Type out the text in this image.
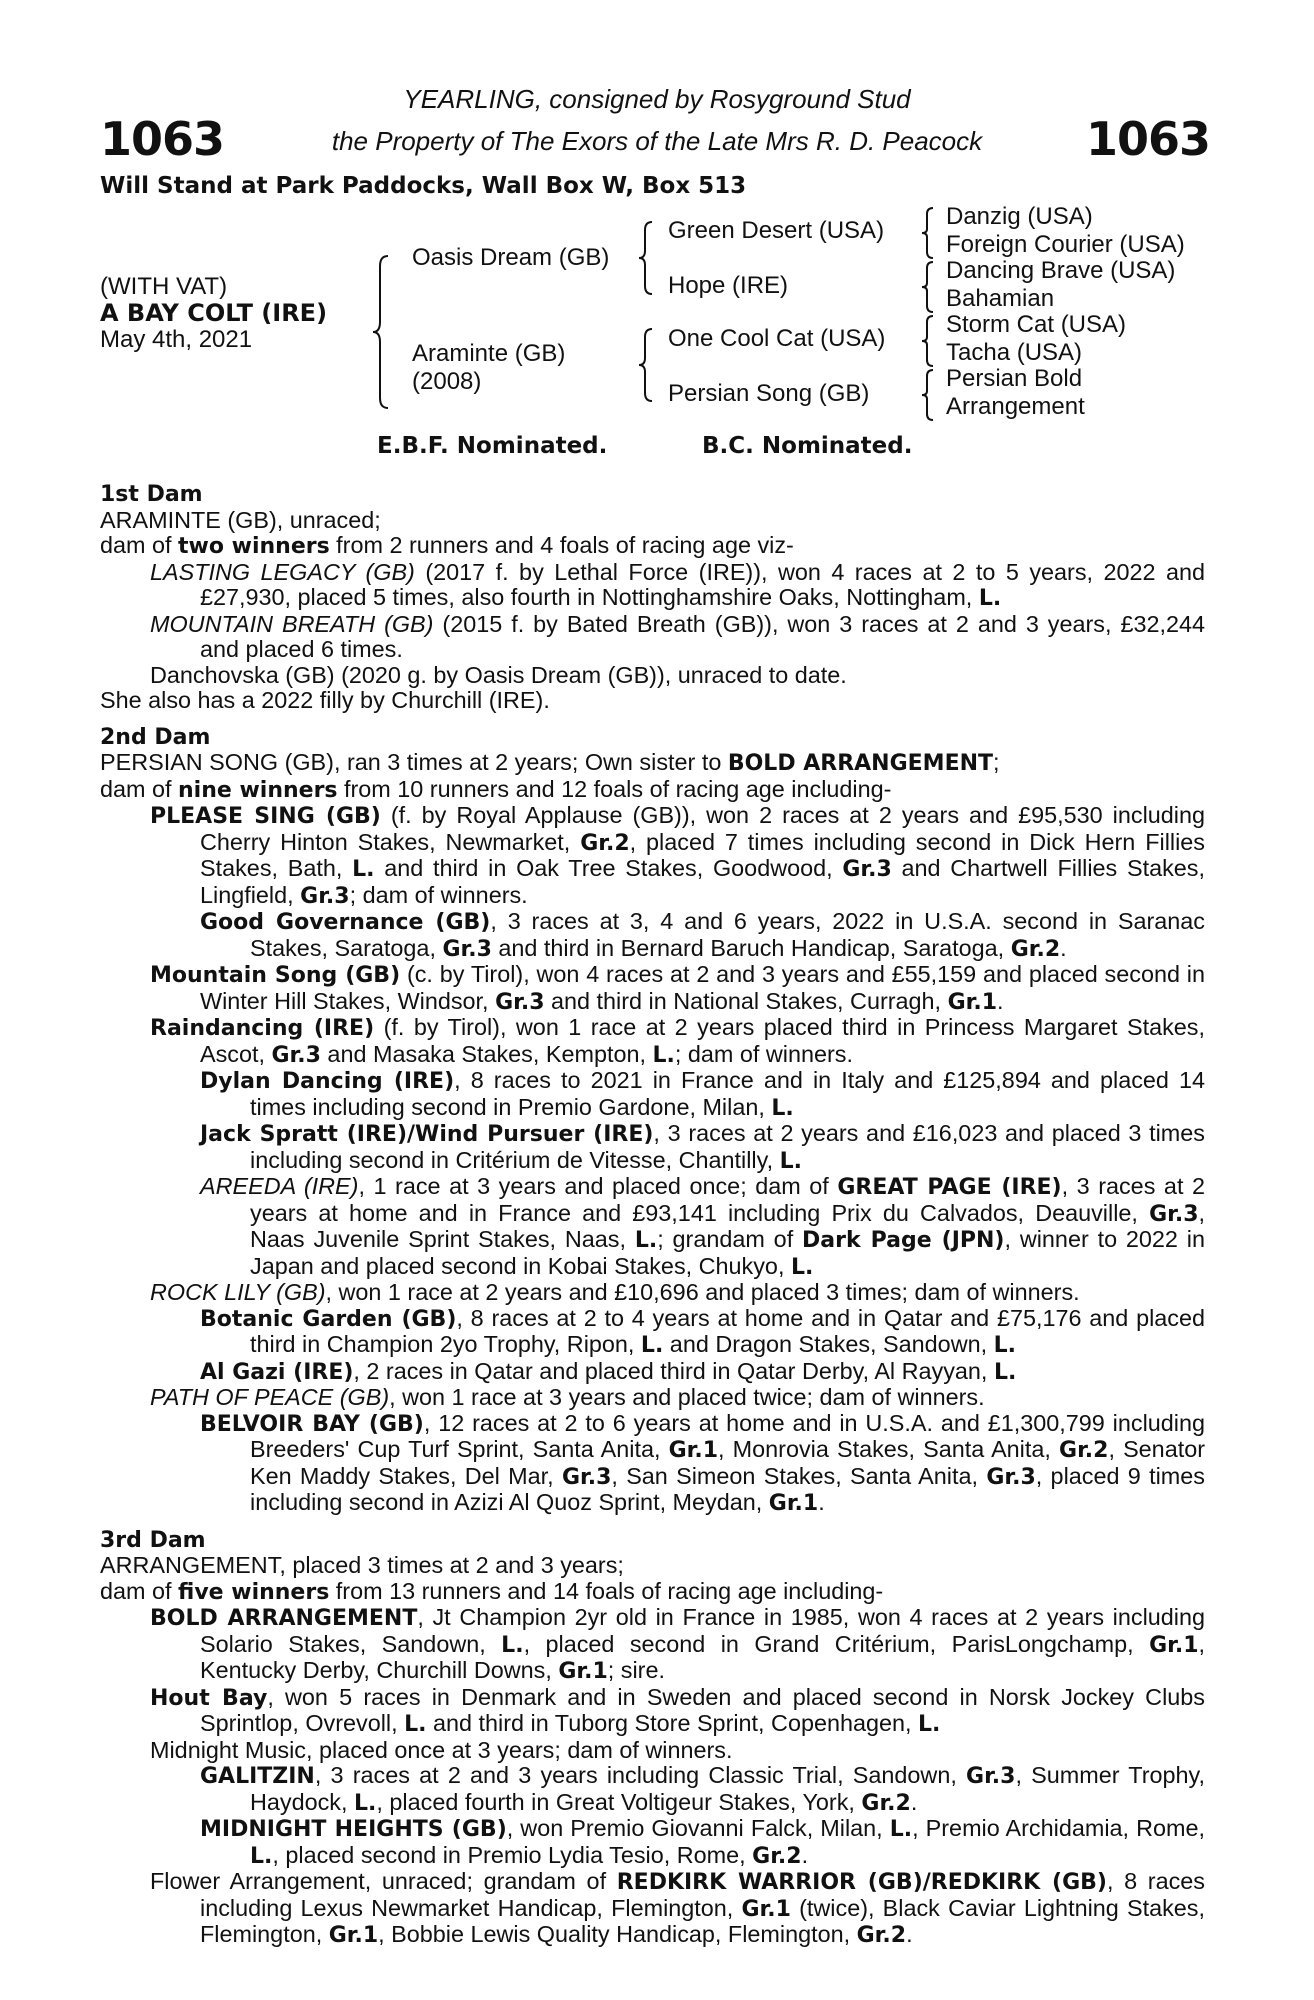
1063	1063
YEARLING, consigned by Rosyground Stud
the Property of The Exors of the Late Mrs R. D. Peacock
Will Stand at Park Paddocks, Wall Box W, Box 513
(WITH VAT)
A BAY COLT (IRE)
May 4th, 2021
Oasis Dream (GB)
Araminte (GB)
(2008)
Green Desert (USA)
Hope (IRE)
One Cool Cat (USA)
Persian Song (GB)
Danzig (USA)
Foreign Courier (USA)
Dancing Brave (USA)
Bahamian
Storm Cat (USA)
Tacha (USA)
Persian Bold
Arrangement
E.B.F. Nominated.	B.C. Nominated.
1st Dam
ARAMINTE (GB), unraced;
dam of two winners from 2 runners and 4 foals of racing age viz-
LASTING LEGACY (GB) (2017 f. by Lethal Force (IRE)), won 4 races at 2 to 5 years, 2022 and £27,930, placed 5 times, also fourth in Nottinghamshire Oaks, Nottingham, L.
MOUNTAIN BREATH (GB) (2015 f. by Bated Breath (GB)), won 3 races at 2 and 3 years, £32,244 and placed 6 times.
Danchovska (GB) (2020 g. by Oasis Dream (GB)), unraced to date.
She also has a 2022 filly by Churchill (IRE).
2nd Dam
PERSIAN SONG (GB), ran 3 times at 2 years; Own sister to BOLD ARRANGEMENT;
dam of nine winners from 10 runners and 12 foals of racing age including-
PLEASE SING (GB) (f. by Royal Applause (GB)), won 2 races at 2 years and £95,530 including Cherry Hinton Stakes, Newmarket, Gr.2, placed 7 times including second in Dick Hern Fillies Stakes, Bath, L. and third in Oak Tree Stakes, Goodwood, Gr.3 and Chartwell Fillies Stakes, Lingfield, Gr.3; dam of winners.
Good Governance (GB), 3 races at 3, 4 and 6 years, 2022 in U.S.A. second in Saranac Stakes, Saratoga, Gr.3 and third in Bernard Baruch Handicap, Saratoga, Gr.2.
Mountain Song (GB) (c. by Tirol), won 4 races at 2 and 3 years and £55,159 and placed second in Winter Hill Stakes, Windsor, Gr.3 and third in National Stakes, Curragh, Gr.1.
Raindancing (IRE) (f. by Tirol), won 1 race at 2 years placed third in Princess Margaret Stakes, Ascot, Gr.3 and Masaka Stakes, Kempton, L.; dam of winners.
Dylan Dancing (IRE), 8 races to 2021 in France and in Italy and £125,894 and placed 14 times including second in Premio Gardone, Milan, L.
Jack Spratt (IRE)/Wind Pursuer (IRE), 3 races at 2 years and £16,023 and placed 3 times including second in Critérium de Vitesse, Chantilly, L.
AREEDA (IRE), 1 race at 3 years and placed once; dam of GREAT PAGE (IRE), 3 races at 2 years at home and in France and £93,141 including Prix du Calvados, Deauville, Gr.3, Naas Juvenile Sprint Stakes, Naas, L.; grandam of Dark Page (JPN), winner to 2022 in Japan and placed second in Kobai Stakes, Chukyo, L.
ROCK LILY (GB), won 1 race at 2 years and £10,696 and placed 3 times; dam of winners.
Botanic Garden (GB), 8 races at 2 to 4 years at home and in Qatar and £75,176 and placed third in Champion 2yo Trophy, Ripon, L. and Dragon Stakes, Sandown, L.
Al Gazi (IRE), 2 races in Qatar and placed third in Qatar Derby, Al Rayyan, L.
PATH OF PEACE (GB), won 1 race at 3 years and placed twice; dam of winners.
BELVOIR BAY (GB), 12 races at 2 to 6 years at home and in U.S.A. and £1,300,799 including Breeders' Cup Turf Sprint, Santa Anita, Gr.1, Monrovia Stakes, Santa Anita, Gr.2, Senator Ken Maddy Stakes, Del Mar, Gr.3, San Simeon Stakes, Santa Anita, Gr.3, placed 9 times including second in Azizi Al Quoz Sprint, Meydan, Gr.1.
3rd Dam
ARRANGEMENT, placed 3 times at 2 and 3 years;
dam of five winners from 13 runners and 14 foals of racing age including-
BOLD ARRANGEMENT, Jt Champion 2yr old in France in 1985, won 4 races at 2 years including Solario Stakes, Sandown, L., placed second in Grand Critérium, ParisLongchamp, Gr.1, Kentucky Derby, Churchill Downs, Gr.1; sire.
Hout Bay, won 5 races in Denmark and in Sweden and placed second in Norsk Jockey Clubs Sprintlop, Ovrevoll, L. and third in Tuborg Store Sprint, Copenhagen, L.
Midnight Music, placed once at 3 years; dam of winners.
GALITZIN, 3 races at 2 and 3 years including Classic Trial, Sandown, Gr.3, Summer Trophy, Haydock, L., placed fourth in Great Voltigeur Stakes, York, Gr.2.
MIDNIGHT HEIGHTS (GB), won Premio Giovanni Falck, Milan, L., Premio Archidamia, Rome, L., placed second in Premio Lydia Tesio, Rome, Gr.2.
Flower Arrangement, unraced; grandam of REDKIRK WARRIOR (GB)/REDKIRK (GB), 8 races including Lexus Newmarket Handicap, Flemington, Gr.1 (twice), Black Caviar Lightning Stakes, Flemington, Gr.1, Bobbie Lewis Quality Handicap, Flemington, Gr.2.
